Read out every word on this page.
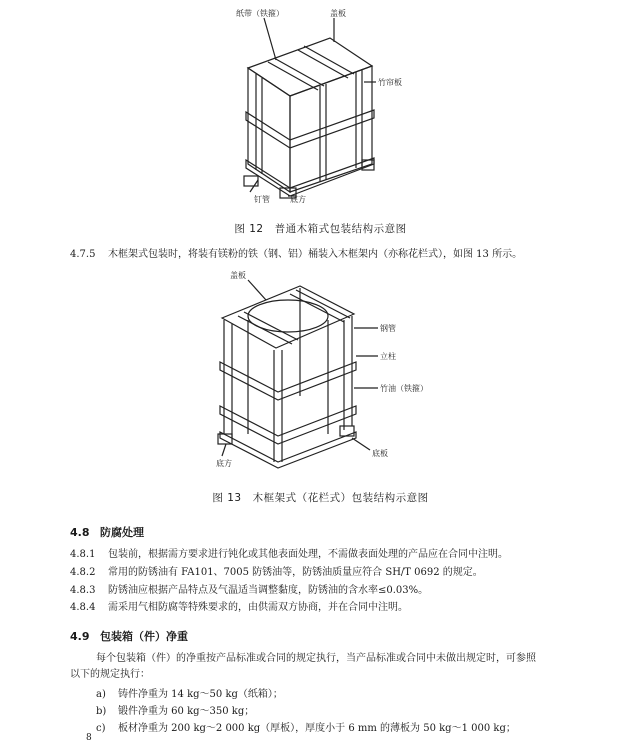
纸带（铁箍）	盖板
竹帘板
钉管	底方
图 12　普通木箱式包装结构示意图
4.7.5 木框架式包装时，将装有镁粉的铁（钢、铝）桶装入木框架内（亦称花栏式），如图 13 所示。
盖板
钢管
立柱
竹油（铁箍）
底方
底板
图 13　木框架式（花栏式）包装结构示意图
4.8 防腐处理
4.8.1 包装前，根据需方要求进行钝化或其他表面处理，不需做表面处理的产品应在合同中注明。
4.8.2 常用的防锈油有 FA101、7005 防锈油等，防锈油质量应符合 SH/T 0692 的规定。
4.8.3 防锈油应根据产品特点及气温适当调整黏度，防锈油的含水率≤0.03%。
4.8.4 需采用气相防腐等特殊要求的，由供需双方协商，并在合同中注明。
4.9 包装箱（件）净重
每个包装箱（件）的净重按产品标准或合同的规定执行，当产品标准或合同中未做出规定时，可参照
以下的规定执行：
a) 铸件净重为 14 kg～50 kg（纸箱）；
b) 锻件净重为 60 kg～350 kg；
c) 板材净重为 200 kg～2 000 kg（厚板），厚度小于 6 mm 的薄板为 50 kg～1 000 kg；
8
